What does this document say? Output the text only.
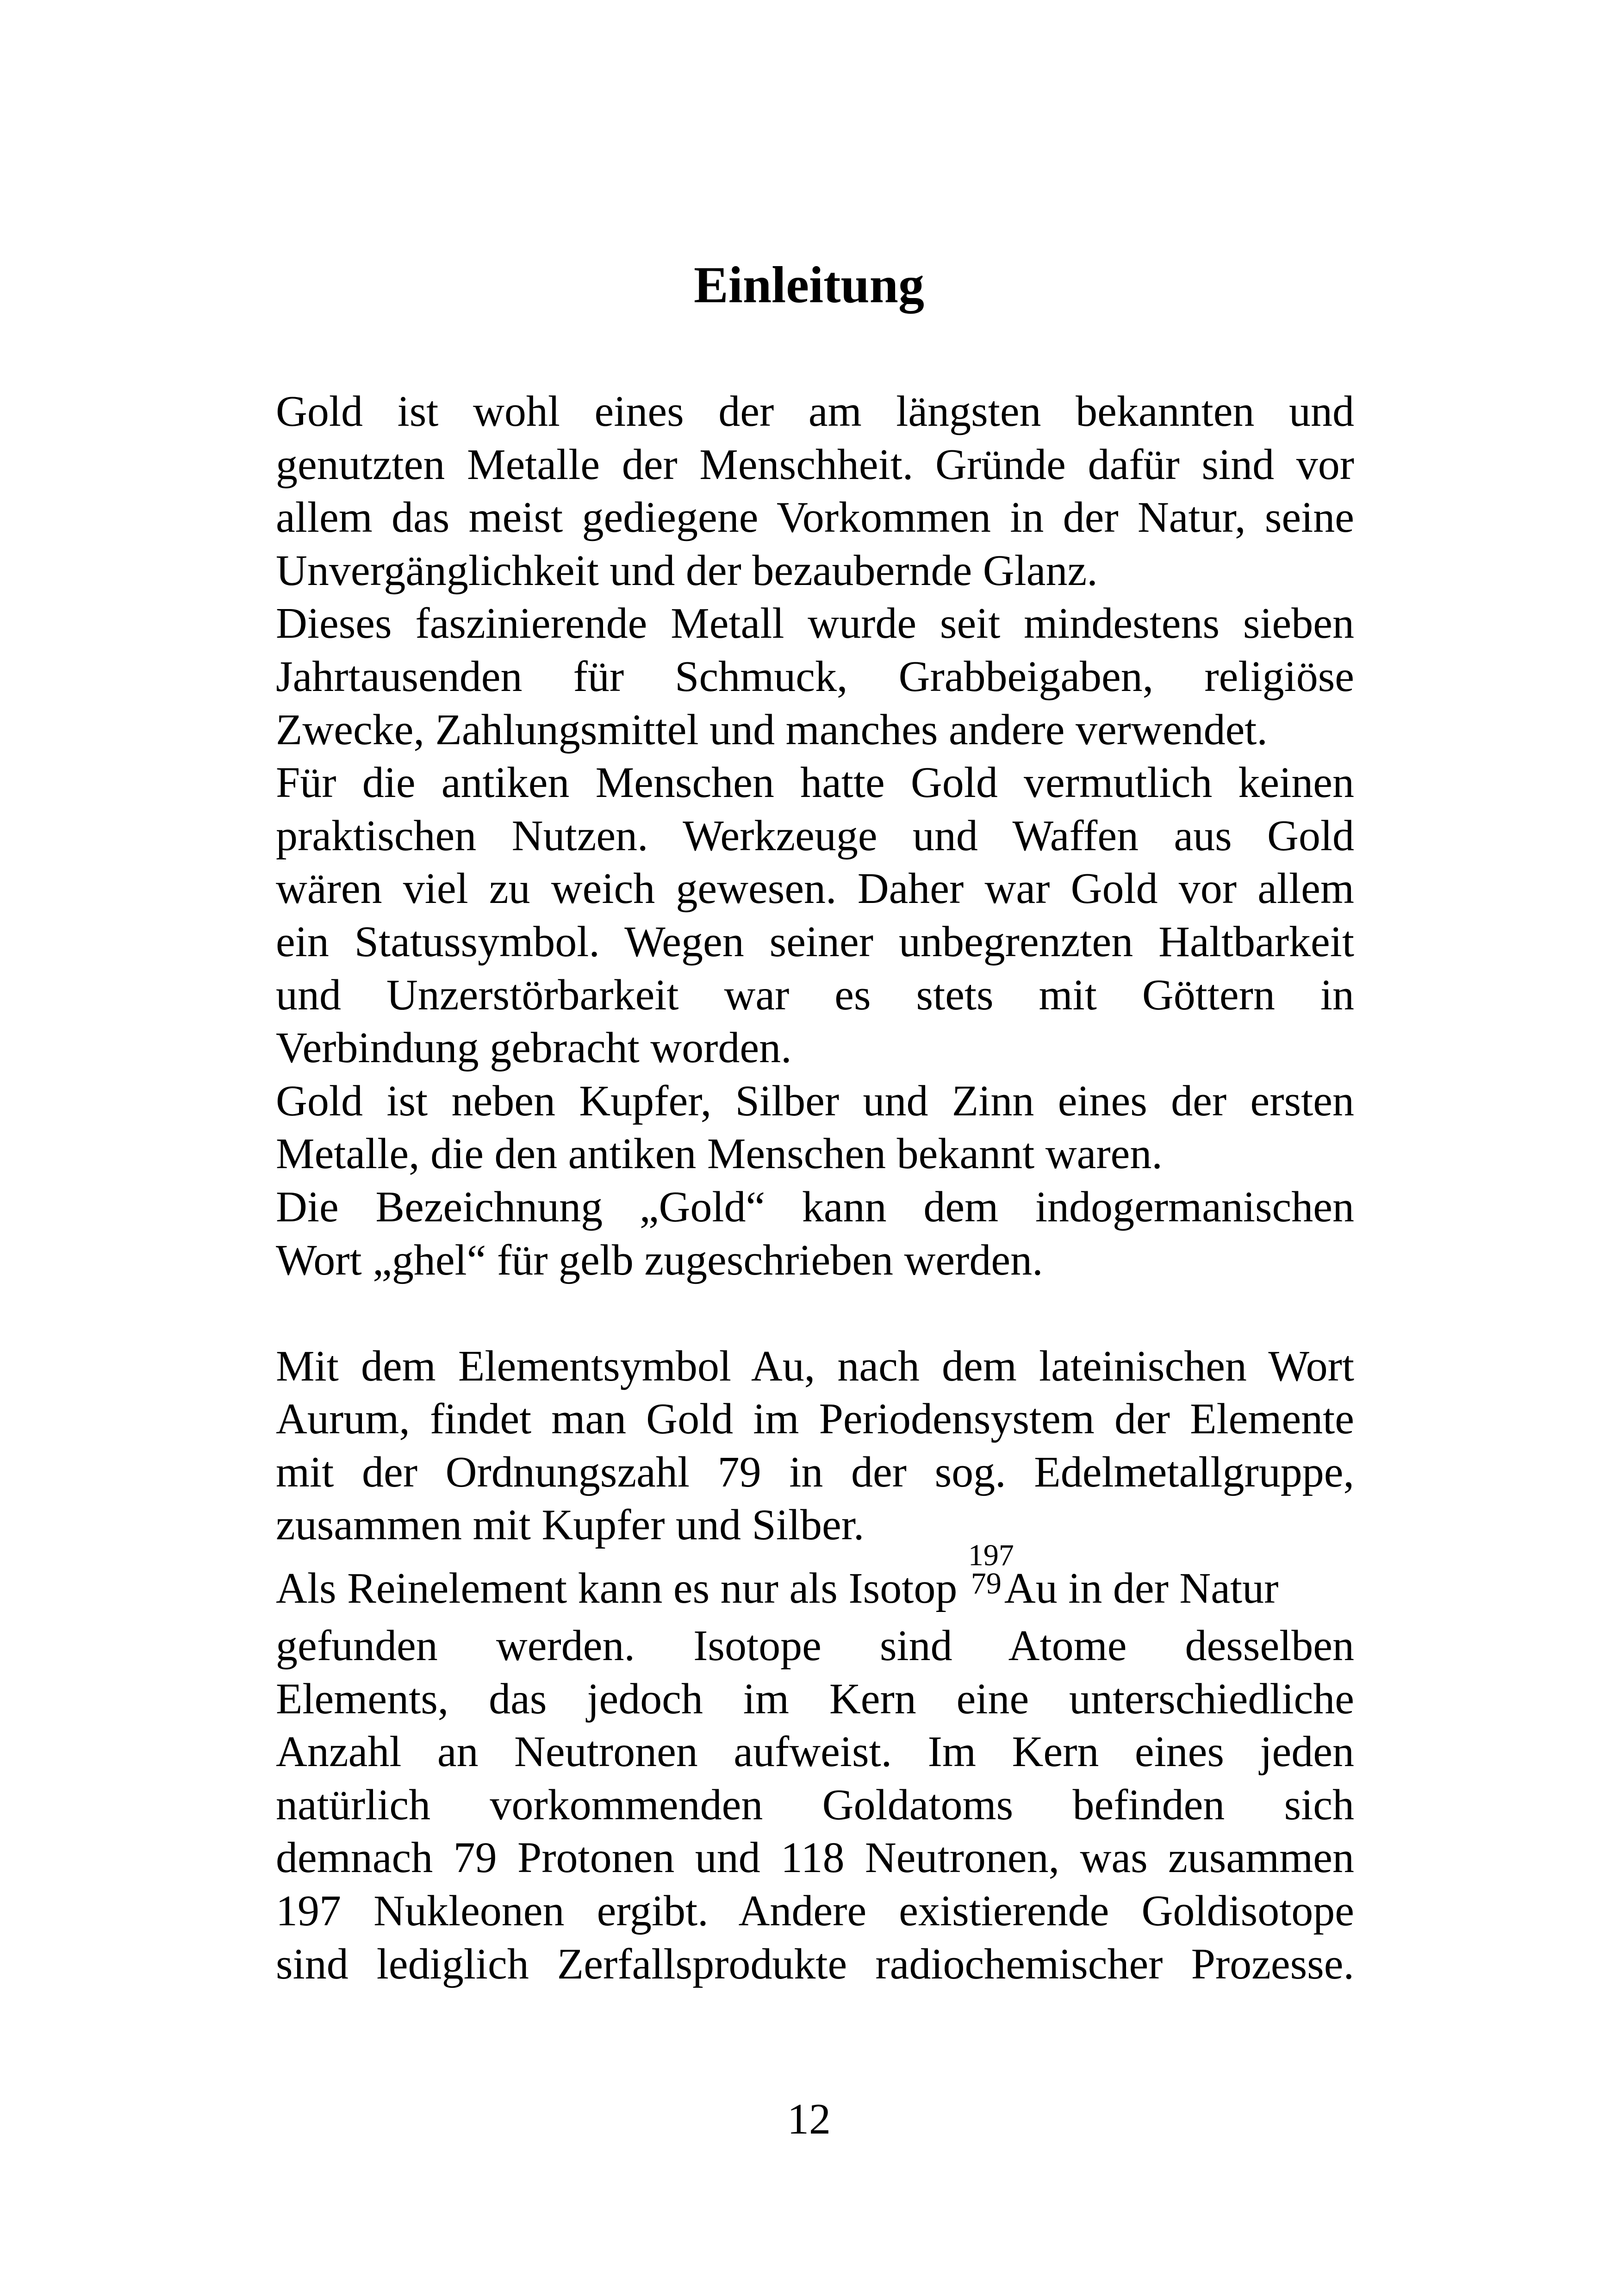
Einleitung
Gold ist wohl eines der am längsten bekannten und
genutzten Metalle der Menschheit. Gründe dafür sind vor
allem das meist gediegene Vorkommen in der Natur, seine
Unvergänglichkeit und der bezaubernde Glanz.
Dieses faszinierende Metall wurde seit mindestens sieben
Jahrtausenden für Schmuck, Grabbeigaben, religiöse
Zwecke, Zahlungsmittel und manches andere verwendet.
Für die antiken Menschen hatte Gold vermutlich keinen
praktischen Nutzen. Werkzeuge und Waffen aus Gold
wären viel zu weich gewesen. Daher war Gold vor allem
ein Statussymbol. Wegen seiner unbegrenzten Haltbarkeit
und Unzerstörbarkeit war es stets mit Göttern in
Verbindung gebracht worden.
Gold ist neben Kupfer, Silber und Zinn eines der ersten
Metalle, die den antiken Menschen bekannt waren.
Die Bezeichnung „Gold“ kann dem indogermanischen
Wort „ghel“ für gelb zugeschrieben werden.
Mit dem Elementsymbol Au, nach dem lateinischen Wort
Aurum, findet man Gold im Periodensystem der Elemente
mit der Ordnungszahl 79 in der sog. Edelmetallgruppe,
zusammen mit Kupfer und Silber.
Als Reinelement kann es nur als Isotop
197
79 Au in der Natur
gefunden werden. Isotope sind Atome desselben
Elements, das jedoch im Kern eine unterschiedliche
Anzahl an Neutronen aufweist. Im Kern eines jeden
natürlich vorkommenden Goldatoms befinden sich
demnach 79 Protonen und 118 Neutronen, was zusammen
197 Nukleonen ergibt. Andere existierende Goldisotope
sind lediglich Zerfallsprodukte radiochemischer Prozesse.
12
